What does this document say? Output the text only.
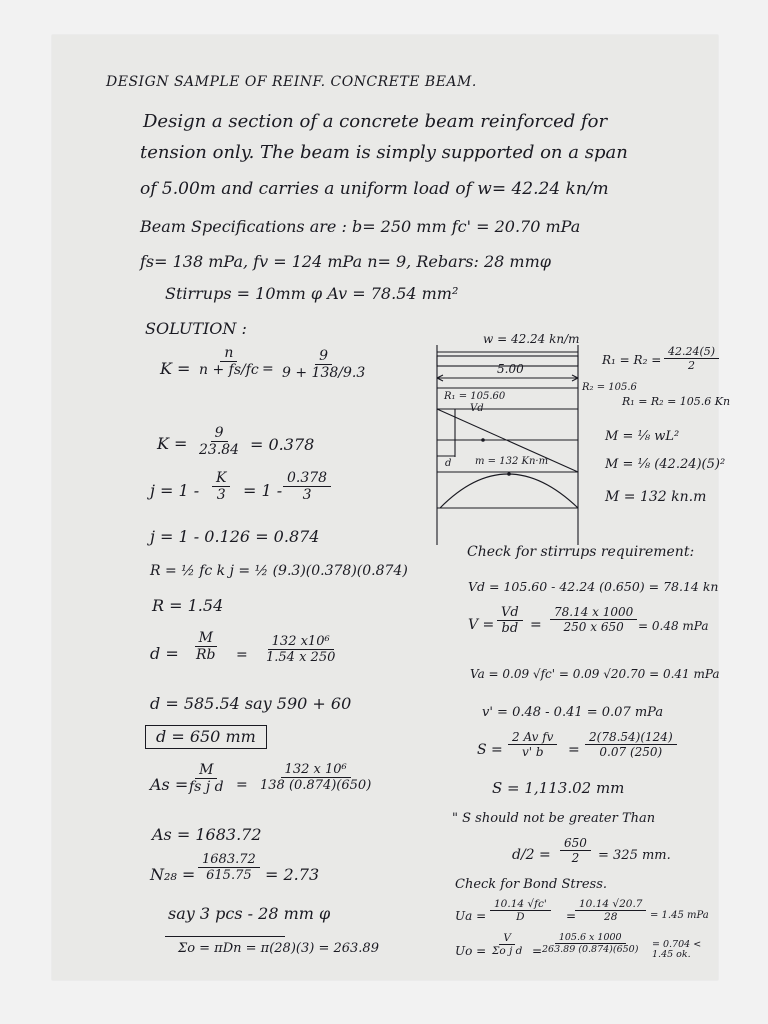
DESIGN SAMPLE OF REINF. CONCRETE BEAM.
Design a section of a concrete beam reinforced for
tension only. The beam is simply supported on a span
of 5.00m and carries a uniform load of w= 42.24 kn/m
Beam Specifications are : b= 250 mm fc' = 20.70 mPa
fs= 138 mPa, fv = 124 mPa n= 9, Rebars: 28 mmφ
Stirrups = 10mm φ Av = 78.54 mm²
SOLUTION :
$K = \frac{n}{n + fs/fc} = \frac{9}{9 + 138/9.3}$
$K = \frac{9}{23.84} = 0.378$
$j = 1 - \frac{K}{3} = 1 - \frac{0.378}{3}$
j = 1 - 0.126 = 0.874
R = ½ fc k j = ½ (9.3)(0.378)(0.874)
R = 1.54
$d = \frac{M}{Rb} = \frac{\text{132 x10⁶}}{1.54 x 250}$
d = 585.54 say 590 + 60
d = 650 mm
As =
$\frac{M}{\text{fs j d}} = \frac{\text{132 x 10⁶}}{138 (0.874)(650)}$
As = 1683.72
$N_{28} = \frac{1683.72}{615.75} = 2.73$
say 3 pcs - 28 mm φ
Σo = πDn = π(28)(3) = 263.89
w = 42.24 kn/m
5.00
R₁ = 105.60
Vd
d m = 132 Kn·m
R₂ = 105.6
$R_1 = R_2 = \frac{42.24(5)}{2}$
R₁ = R₂ = 105.6 Kn
M = ⅛ wL²
M = ⅛ (42.24)(5)²
M = 132 kn.m
Check for stirrups requirement:
Vd = 105.60 - 42.24 (0.650) = 78.14 kn
$V = \frac{Vd}{bd} = \frac{78.14 x 1000}{250 x 650} = 0.48$ mPa
Va = 0.09 √fc' = 0.09 √20.70 = 0.41 mPa
v' = 0.48 - 0.41 = 0.07 mPa
$S = \frac{\text{2 Av fv}}{v' b} = \frac{2(78.54)(124)}{0.07 (250)}$
S = 1,113.02 mm
" S should not be greater Than
$d/2 = \frac{650}{2} = 325$ mm.
Check for Bond Stress.
$Ua = \frac{10.14 √fc'}{D}$ =
$\frac{10.14 √20.7}{28} = 1.45$ mPa
$Uo = \frac{V}{\text{Σo j d}}$ =
$\frac{105.6 x 1000}{263.89 (0.874)(650)} = 0.704 < 1.45$ ok.
